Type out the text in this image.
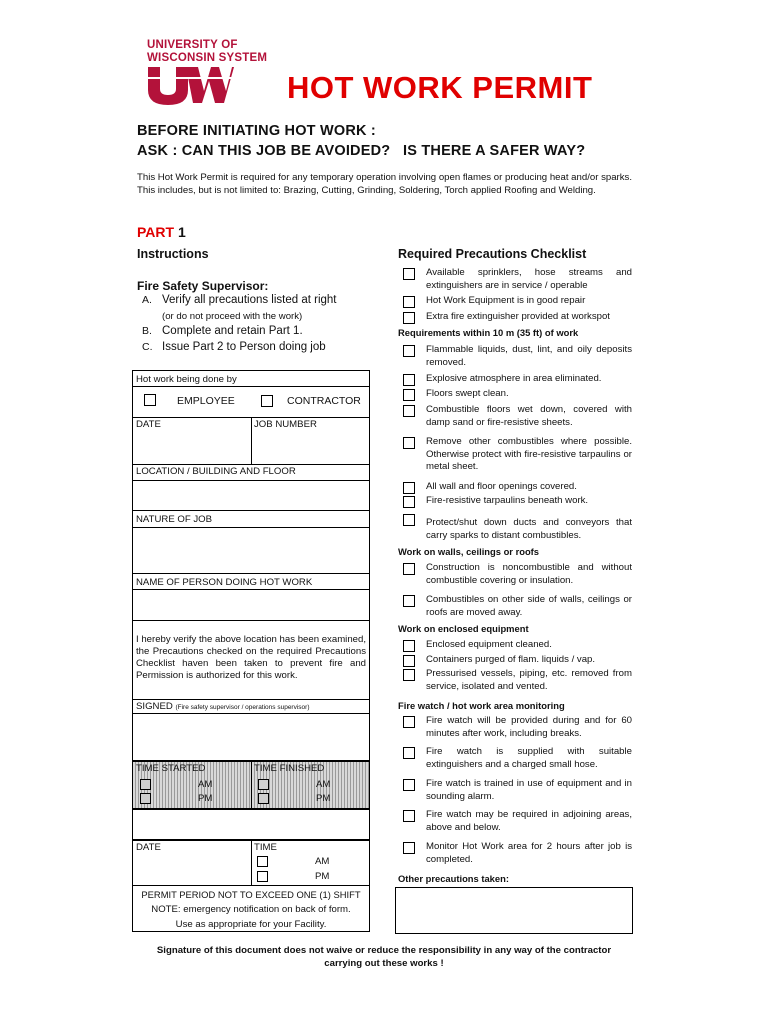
UNIVERSITY OF
WISCONSIN SYSTEM
HOT WORK PERMIT
BEFORE INITIATING HOT WORK :
ASK : CAN THIS JOB BE AVOIDED?   IS THERE A SAFER WAY?
This Hot Work Permit is required for any temporary operation involving open flames or producing heat and/or sparks. This includes, but is not limited to: Brazing, Cutting, Grinding, Soldering, Torch applied Roofing and Welding.
PART 1
Instructions
Fire Safety Supervisor:
A. Verify all precautions listed at right
(or do not proceed with the work)
B. Complete and retain Part 1.
C. Issue Part 2 to Person doing job
Hot work being done by
EMPLOYEE	CONTRACTOR
DATE	JOB NUMBER
LOCATION / BUILDING AND FLOOR
NATURE OF JOB
NAME OF PERSON DOING HOT WORK
I hereby verify the above location has been examined, the Precautions checked on the required Precautions Checklist haven been taken to prevent fire and Permission is authorized for this work.
SIGNED (Fire safety supervisor / operations supervisor)
TIME STARTED	TIME FINISHED
AM
PM
AM
PM
DATE	TIME
AM
PM
PERMIT PERIOD NOT TO EXCEED ONE (1) SHIFT
NOTE: emergency notification on back of form.
Use as appropriate for your Facility.
Required Precautions Checklist
Available sprinklers, hose streams and extinguishers are in service / operable
Hot Work Equipment is in good repair
Extra fire extinguisher provided at workspot
Requirements within 10 m (35 ft) of work
Flammable liquids, dust, lint, and oily deposits removed.
Explosive atmosphere in area eliminated.
Floors swept clean.
Combustible floors wet down, covered with damp sand or fire-resistive sheets.
Remove other combustibles where possible. Otherwise protect with fire-resistive tarpaulins or metal sheet.
All wall and floor openings covered.
Fire-resistive tarpaulins beneath work.
Protect/shut down ducts and conveyors that carry sparks to distant combustibles.
Work on walls, ceilings or roofs
Construction is noncombustible and without combustible covering or insulation.
Combustibles on other side of walls, ceilings or roofs are moved away.
Work on enclosed equipment
Enclosed equipment cleaned.
Containers purged of flam. liquids / vap.
Pressurised vessels, piping, etc. removed from service, isolated and vented.
Fire watch / hot work area monitoring
Fire watch will be provided during and for 60 minutes after work, including breaks.
Fire watch is supplied with suitable extinguishers and a charged small hose.
Fire watch is trained in use of equipment and in sounding alarm.
Fire watch may be required in adjoining areas, above and below.
Monitor Hot Work area for 2 hours after job is completed.
Other precautions taken:
Signature of this document does not waive or reduce the responsibility in any way of the contractor
carrying out these works !
